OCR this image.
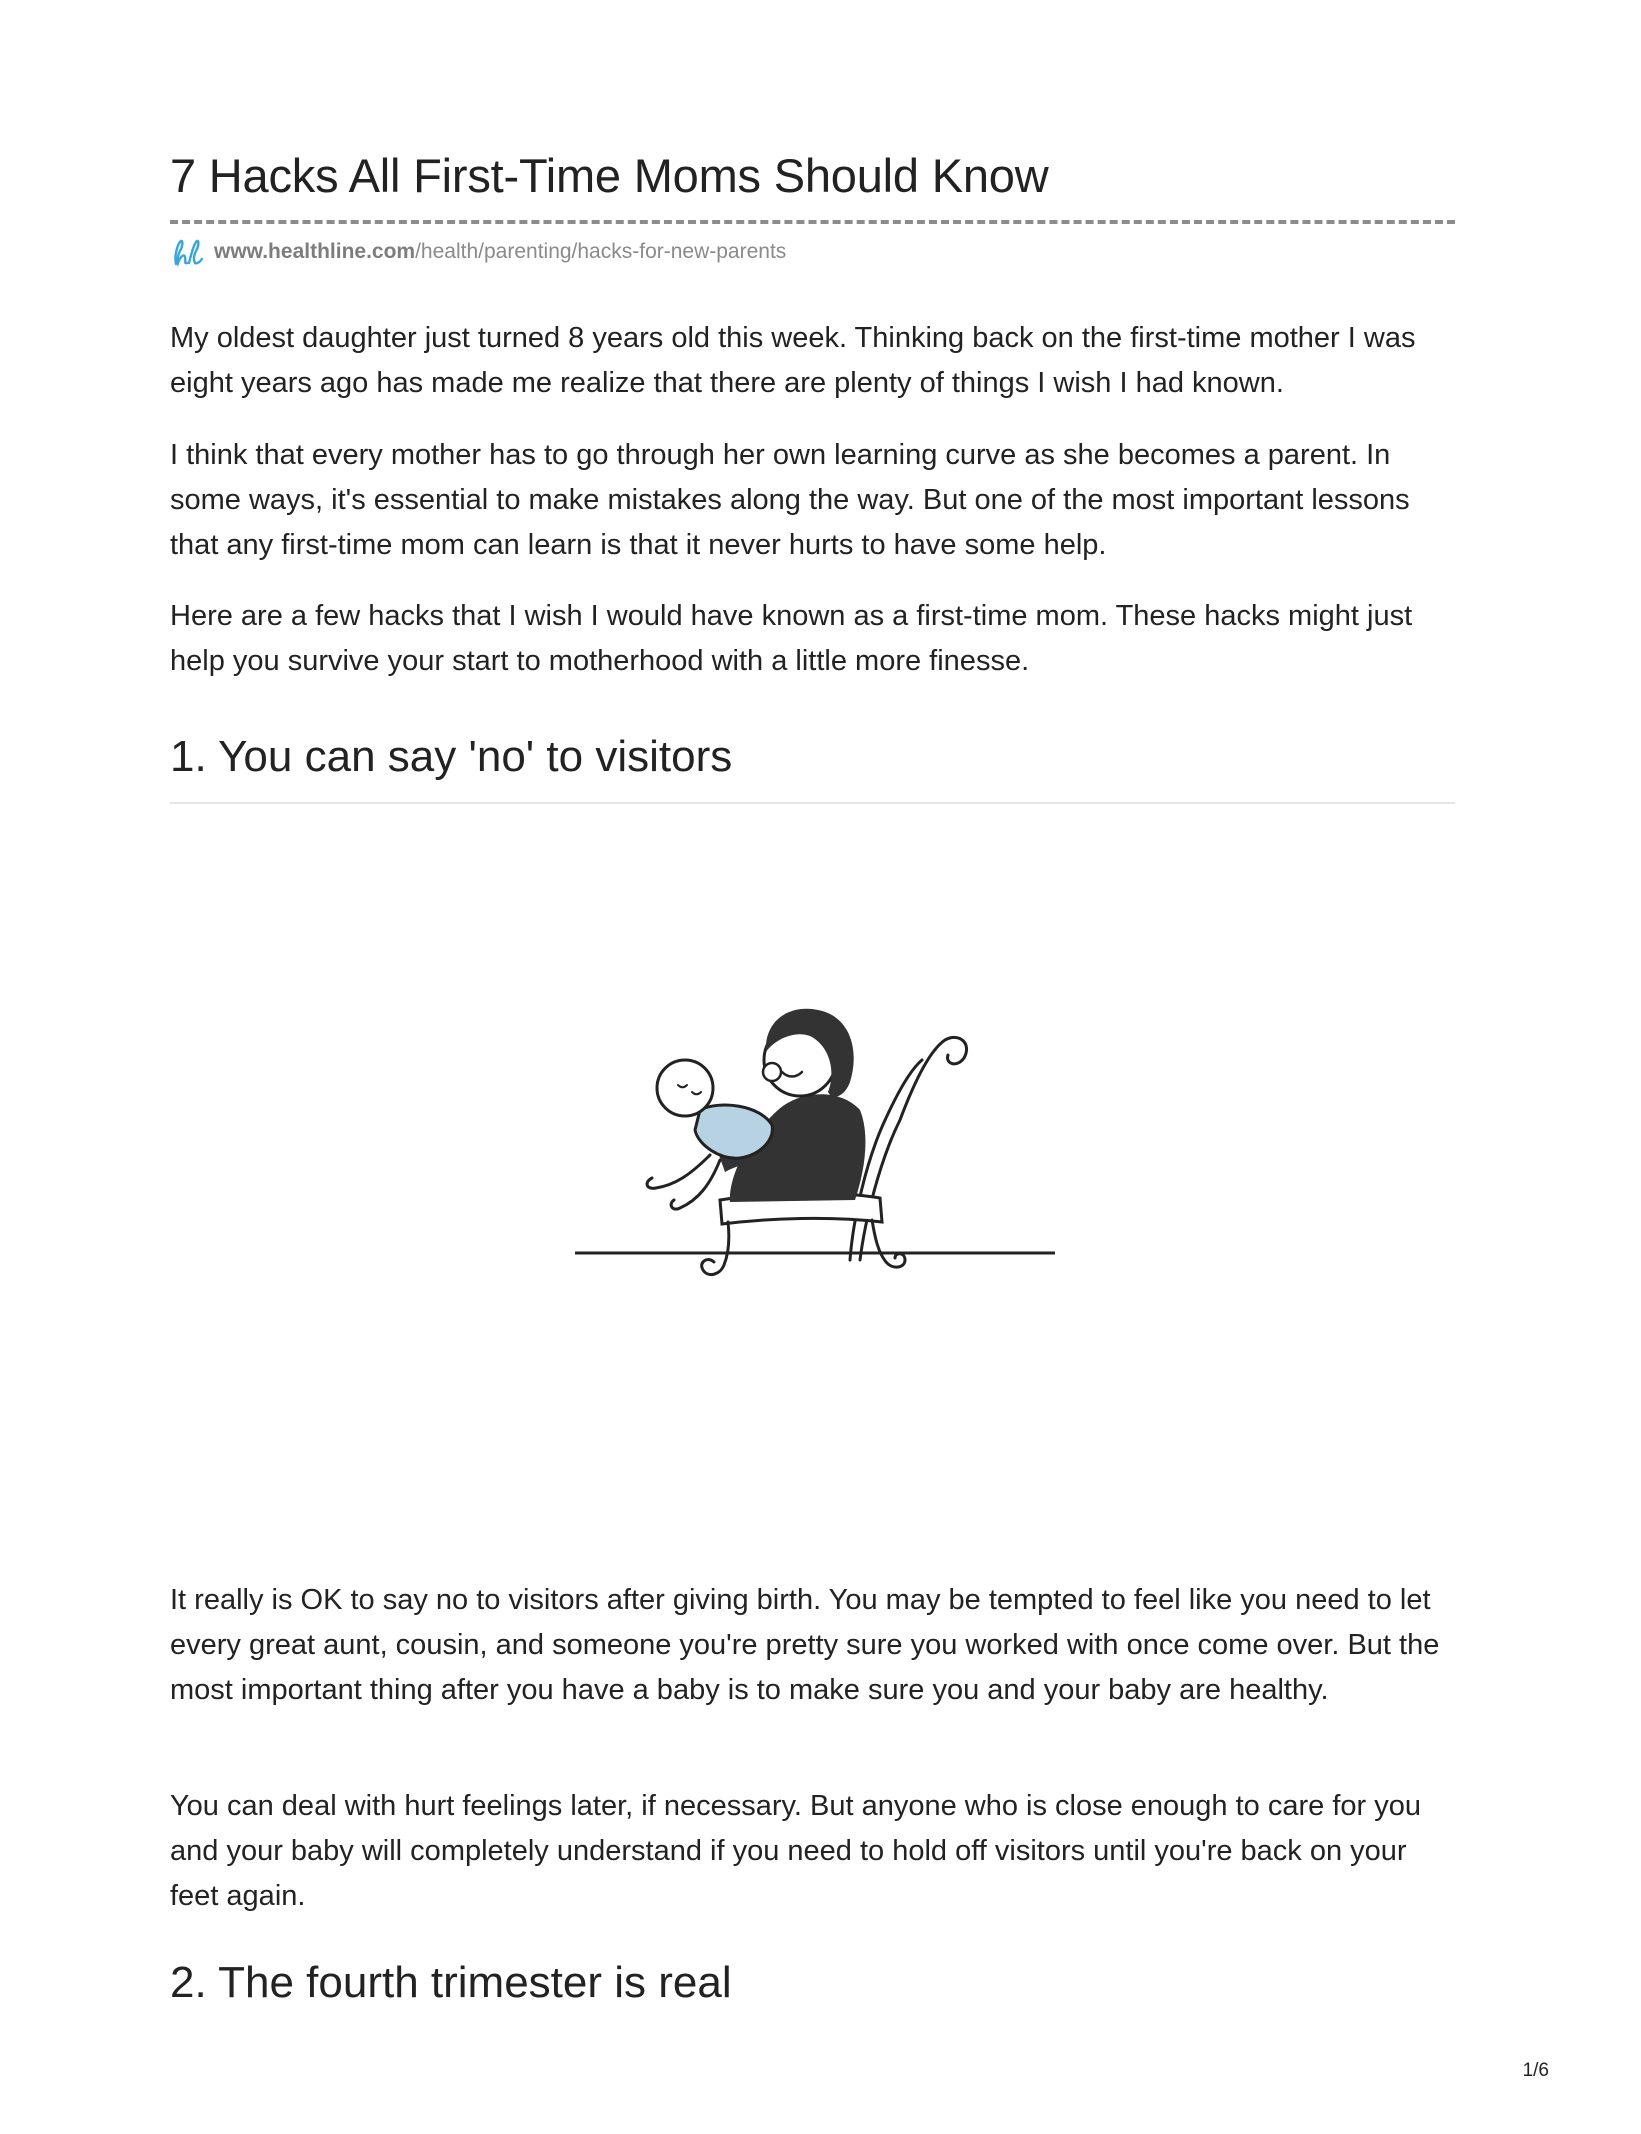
7 Hacks All First-Time Moms Should Know
www.healthline.com /health/parenting/hacks-for-new-parents

My oldest daughter just turned 8 years old this week. Thinking back on the first-time mother I was eight years ago has made me realize that there are plenty of things I wish I had known.

I think that every mother has to go through her own learning curve as she becomes a parent. In some ways, it's essential to make mistakes along the way. But one of the most important lessons that any first-time mom can learn is that it never hurts to have some help.

Here are a few hacks that I wish I would have known as a first-time mom. These hacks might just help you survive your start to motherhood with a little more finesse.

1. You can say 'no' to visitors

It really is OK to say no to visitors after giving birth. You may be tempted to feel like you need to let every great aunt, cousin, and someone you're pretty sure you worked with once come over. But the most important thing after you have a baby is to make sure you and your baby are healthy.

You can deal with hurt feelings later, if necessary. But anyone who is close enough to care for you and your baby will completely understand if you need to hold off visitors until you're back on your feet again.

2. The fourth trimester is real
1/6
